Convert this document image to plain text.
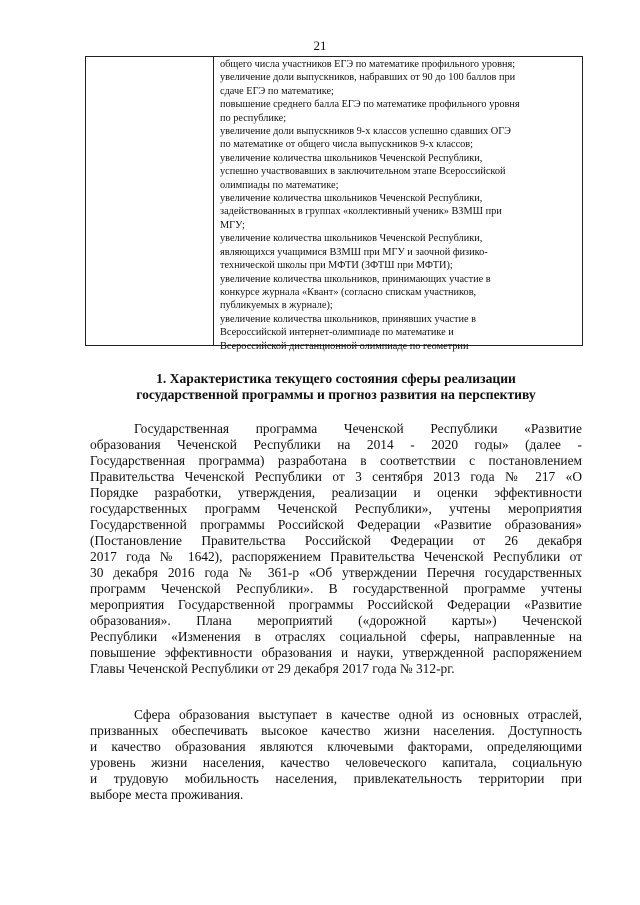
21
общего числа участников ЕГЭ по математике профильного уровня;
увеличение доли выпускников, набравших от 90 до 100 баллов при
сдаче ЕГЭ по математике;
повышение среднего балла ЕГЭ по математике профильного уровня
по республике;
увеличение доли выпускников 9-х классов успешно сдавших ОГЭ
по математике от общего числа выпускников 9-х классов;
увеличение количества школьников Чеченской Республики,
успешно участвовавших в заключительном этапе Всероссийской
олимпиады по математике;
увеличение количества школьников Чеченской Республики,
задействованных в группах «коллективный ученик» ВЗМШ при
МГУ;
увеличение количества школьников Чеченской Республики,
являющихся учащимися ВЗМШ при МГУ и заочной физико-
технической школы при МФТИ (ЗФТШ при МФТИ);
увеличение количества школьников, принимающих участие в
конкурсе журнала «Квант» (согласно спискам участников,
публикуемых в журнале);
увеличение количества школьников, принявших участие в
Всероссийской интернет-олимпиаде по математике и
Всероссийской дистанционной олимпиаде по геометрии
1. Характеристика текущего состояния сферы реализации
государственной программы и прогноз развития на перспективу
Государственная программа Чеченской Республики «Развитие
образования Чеченской Республики на 2014 - 2020 годы» (далее -
Государственная программа) разработана в соответствии с постановлением
Правительства Чеченской Республики от 3 сентября 2013 года № 217 «О
Порядке разработки, утверждения, реализации и оценки эффективности
государственных программ Чеченской Республики», учтены мероприятия
Государственной программы Российской Федерации «Развитие образования»
(Постановление Правительства Российской Федерации от 26 декабря
2017 года № 1642), распоряжением Правительства Чеченской Республики от
30 декабря 2016 года № 361-р «Об утверждении Перечня государственных
программ Чеченской Республики». В государственной программе учтены
мероприятия Государственной программы Российской Федерации «Развитие
образования». Плана мероприятий («дорожной карты») Чеченской
Республики «Изменения в отраслях социальной сферы, направленные на
повышение эффективности образования и науки, утвержденной распоряжением
Главы Чеченской Республики от 29 декабря 2017 года № 312-рг.
Сфера образования выступает в качестве одной из основных отраслей,
призванных обеспечивать высокое качество жизни населения. Доступность
и качество образования являются ключевыми факторами, определяющими
уровень жизни населения, качество человеческого капитала, социальную
и трудовую мобильность населения, привлекательность территории при
выборе места проживания.
